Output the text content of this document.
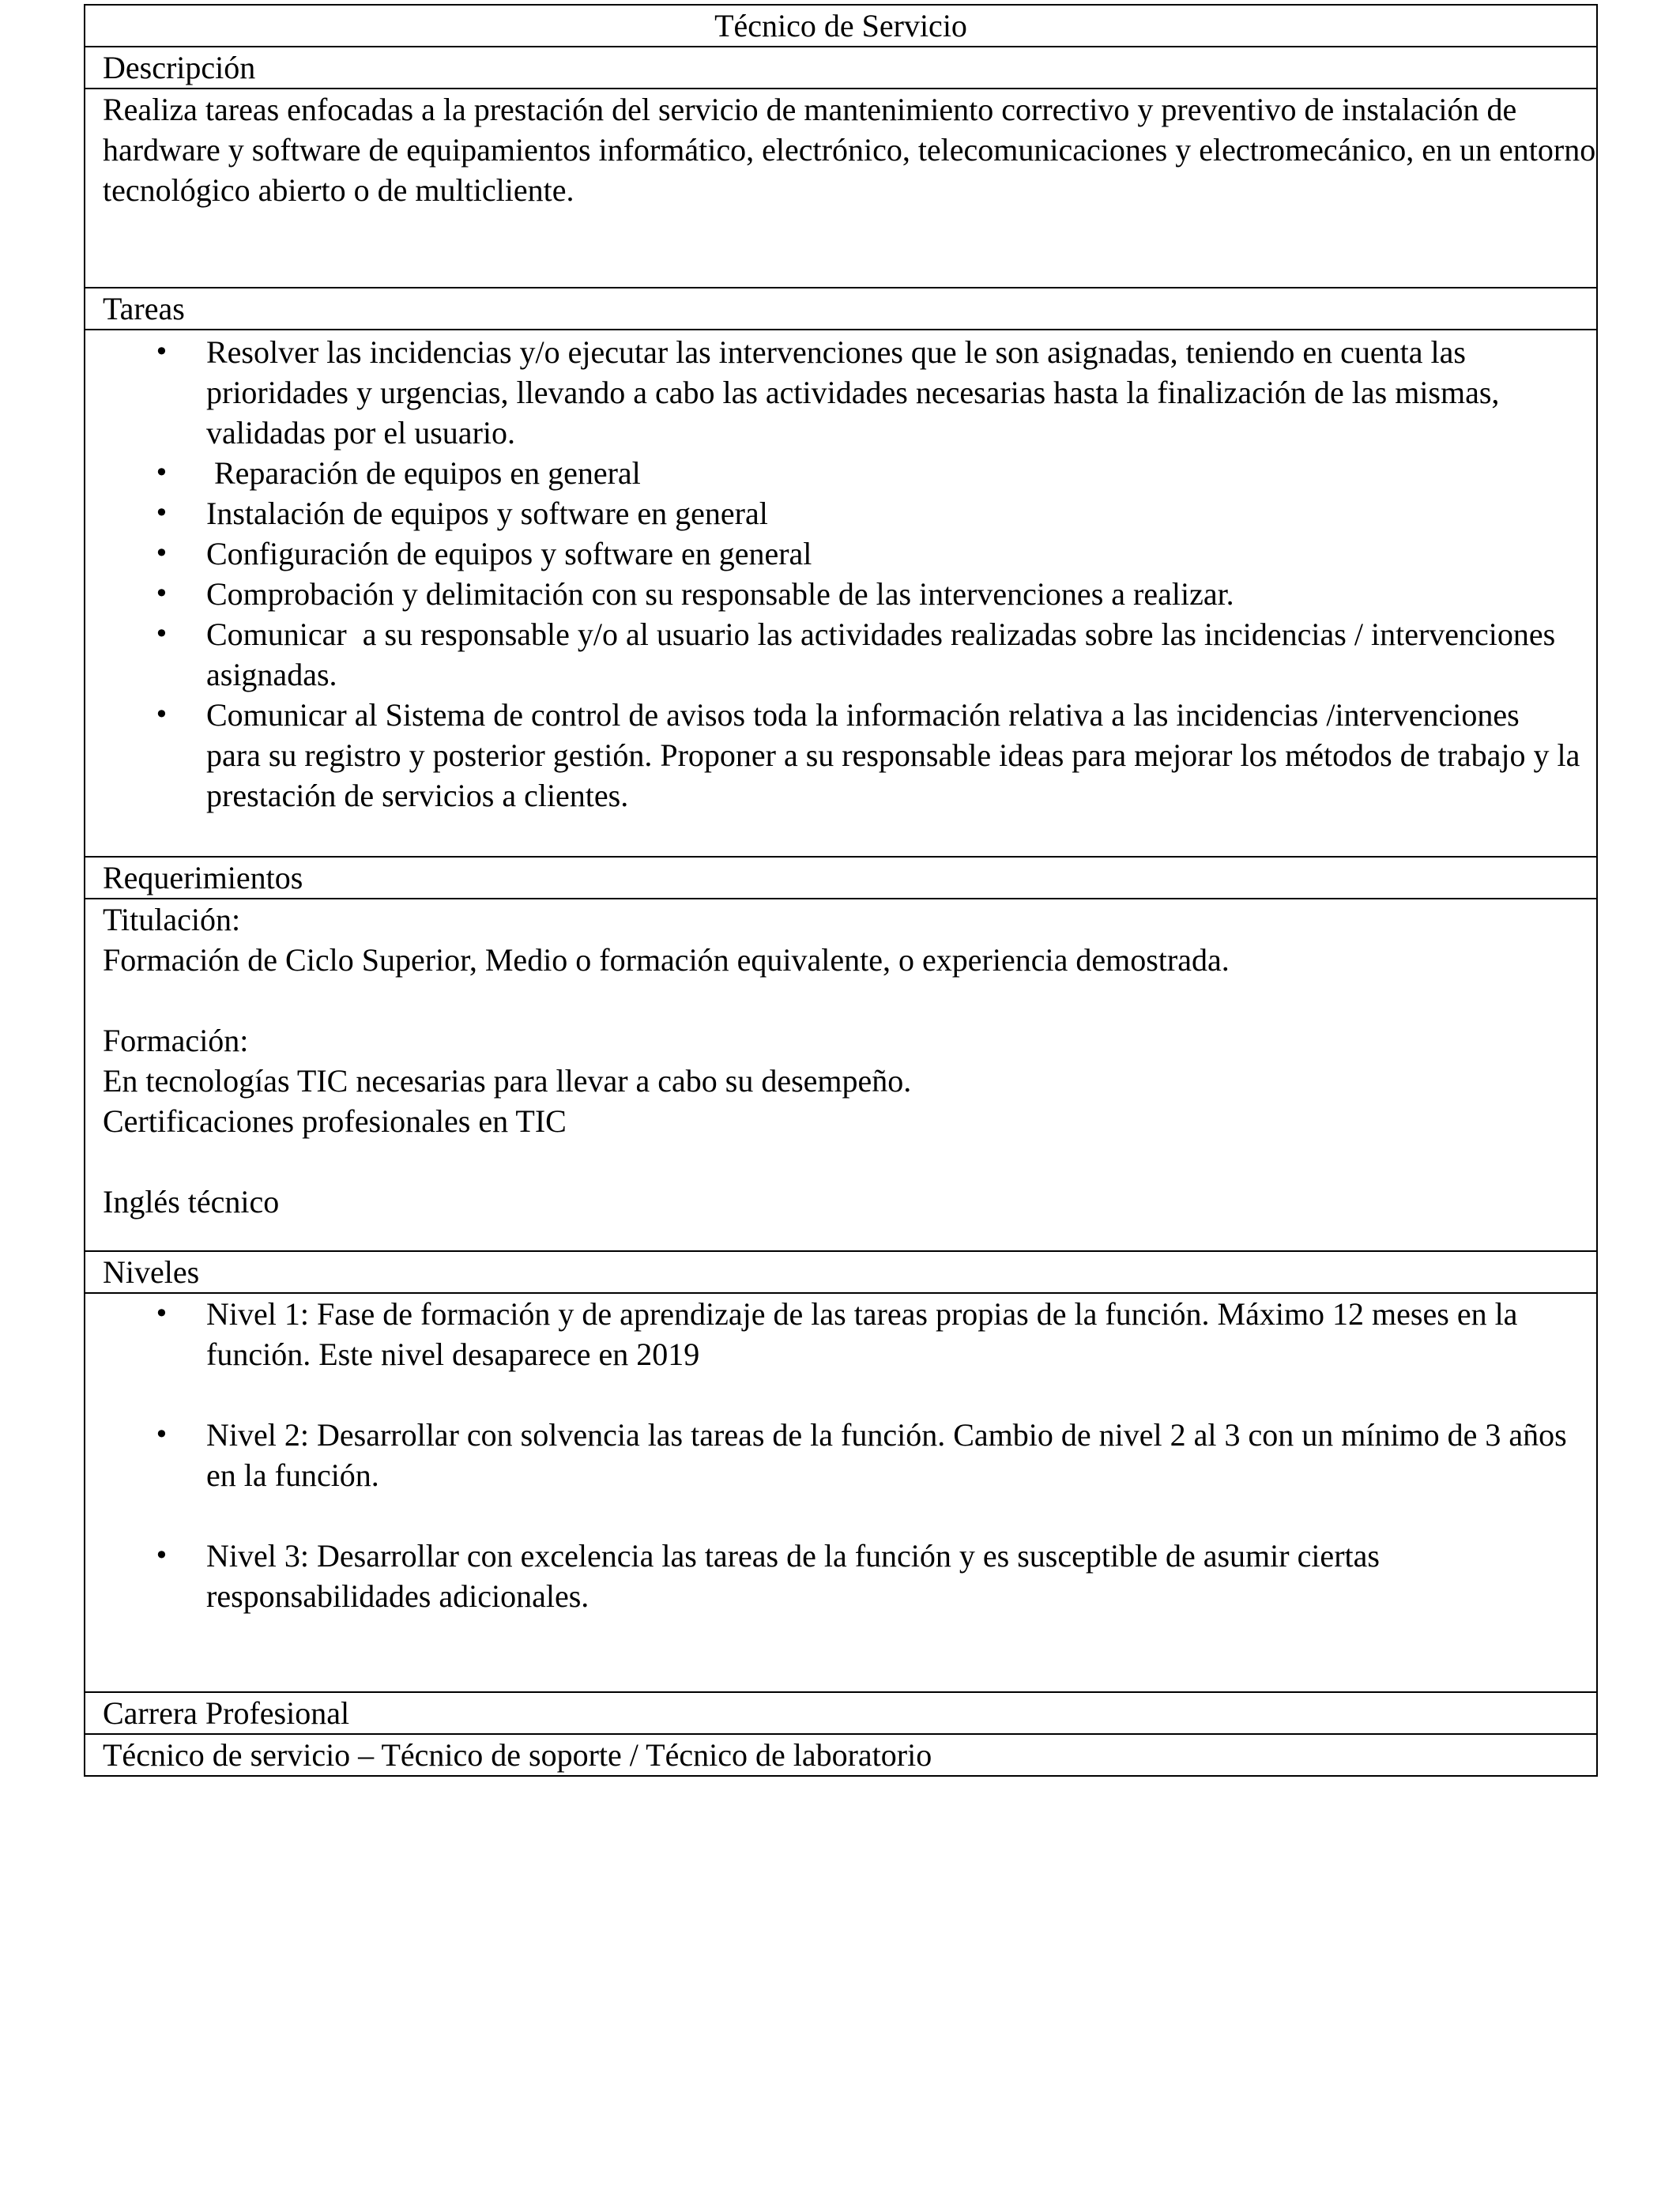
Técnico de Servicio
Descripción

Realiza tareas enfocadas a la prestación del servicio de mantenimiento correctivo y preventivo de instalación de hardware y software de equipamientos informático, electrónico, telecomunicaciones y electromecánico, en un entorno tecnológico abierto o de multicliente.

Tareas

• Resolver las incidencias y/o ejecutar las intervenciones que le son asignadas, teniendo en cuenta las prioridades y urgencias, llevando a cabo las actividades necesarias hasta la finalización de las mismas, validadas por el usuario.
• Reparación de equipos en general
• Instalación de equipos y software en general
• Configuración de equipos y software en general
• Comprobación y delimitación con su responsable de las intervenciones a realizar.
• Comunicar  a su responsable y/o al usuario las actividades realizadas sobre las incidencias / intervenciones asignadas.
• Comunicar al Sistema de control de avisos toda la información relativa a las incidencias /intervenciones para su registro y posterior gestión. Proponer a su responsable ideas para mejorar los métodos de trabajo y la  prestación de servicios a clientes.

Requerimientos

Titulación:

Formación de Ciclo Superior, Medio o formación equivalente, o experiencia demostrada.

Formación:

En tecnologías TIC necesarias para llevar a cabo su desempeño.

Certificaciones profesionales en TIC

Inglés técnico

Niveles

• Nivel 1: Fase de formación y de aprendizaje de las tareas propias de la función. Máximo 12 meses en la función. Este nivel desaparece en 2019
• Nivel 2: Desarrollar con solvencia las tareas de la función. Cambio de nivel 2 al 3 con un mínimo de 3 años en la función.
• Nivel 3: Desarrollar con excelencia las tareas de la función y es susceptible de asumir ciertas responsabilidades adicionales.

Carrera Profesional
Técnico de servicio – Técnico de soporte / Técnico de laboratorio
